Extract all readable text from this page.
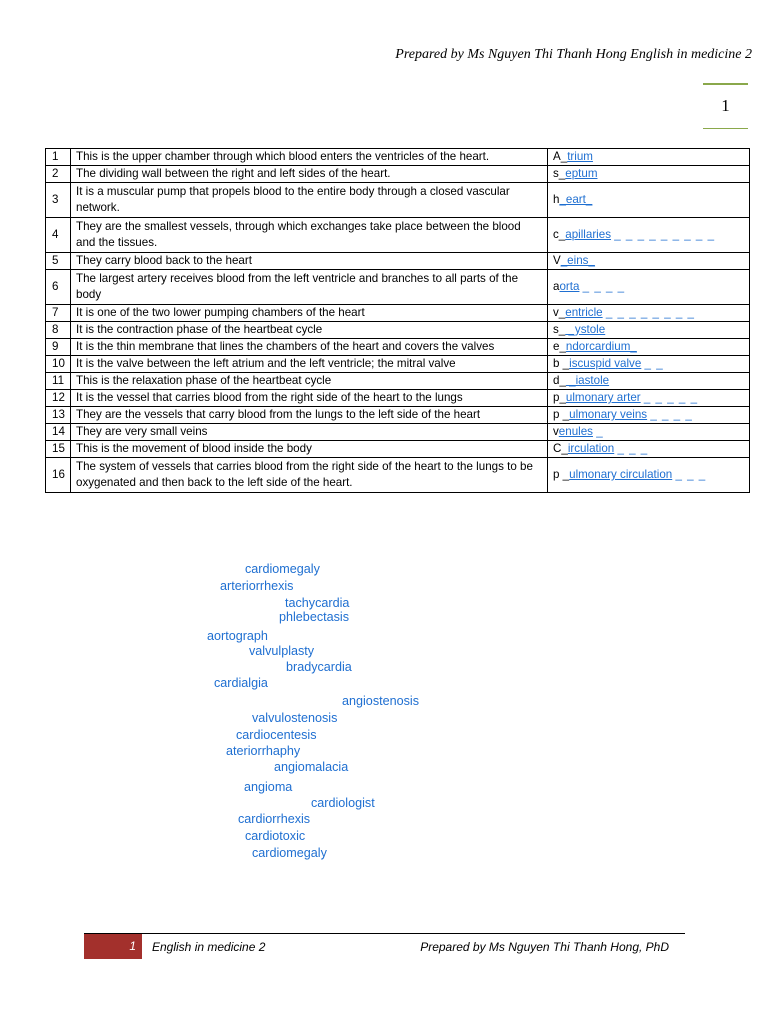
Prepared by Ms Nguyen Thi Thanh Hong English in medicine 2
1
1	This is the upper chamber through which blood enters the ventricles of the heart.	A_trium
2	The dividing wall between the right and left sides of the heart.	s_eptum
3	It is a muscular pump that propels blood to the entire body through a closed vascular network.	h_eart_
4	They are the smallest vessels, through which exchanges take place between the blood and the tissues.	c_apillaries _ _ _ _ _ _ _ _ _
5	They carry blood back to the heart	V_eins_
6	The largest artery receives blood from the left ventricle and branches to all parts of the body	aorta _ _ _ _
7	It is one of the two lower pumping chambers of the heart	v_entricle _ _ _ _ _ _ _ _
8	It is the contraction phase of the heartbeat cycle	s_ _ystole
9	It is the thin membrane that lines the chambers of the heart and covers the valves	e_ndorcardium_
10	It is the valve between the left atrium and the left ventricle; the mitral valve	b _iscuspid valve _ _
11	This is the relaxation phase of the heartbeat cycle	d_ _iastole
12	It is the vessel that carries blood from the right side of the heart to the lungs	p_ulmonary arter _ _ _ _ _
13	They are the vessels that carry blood from the lungs to the left side of the heart	p _ulmonary veins _ _ _ _
14	They are very small veins	venules _
15	This is the movement of blood inside the body	C_irculation _ _ _
16	The system of vessels that carries blood from the right side of the heart to the lungs to be oxygenated and then back to the left side of the heart.	p _ulmonary circulation _ _ _
cardiomegaly
arteriorrhexis
tachycardia
phlebectasis
aortograph
valvulplasty
bradycardia
cardialgia
angiostenosis
valvulostenosis
cardiocentesis
ateriorrhaphy
angiomalacia
angioma
cardiologist
cardiorrhexis
cardiotoxic
cardiomegaly
1	English in medicine 2	Prepared by Ms Nguyen Thi Thanh Hong, PhD
